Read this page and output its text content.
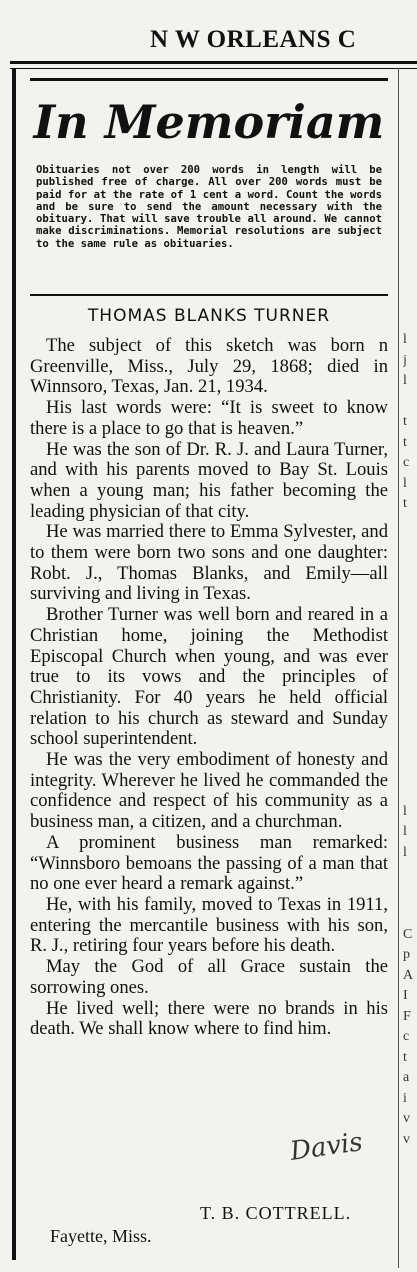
N W ORLEANS C
In Memoriam
Obituaries not over 200 words in length will be published free of charge. All over 200 words must be paid for at the rate of 1 cent a word. Count the words and be sure to send the amount necessary with the obituary. That will save trouble all around. We cannot make discriminations. Memorial resolutions are subject to the same rule as obituaries.
THOMAS BLANKS TURNER

The subject of this sketch was born n Greenville, Miss., July 29, 1868; died in Winnsoro, Texas, Jan. 21, 1934.

His last words were: “It is sweet to know there is a place to go that is heaven.”

He was the son of Dr. R. J. and Laura Turner, and with his parents moved to Bay St. Louis when a young man; his father becoming the leading physician of that city.

He was married there to Emma Sylvester, and to them were born two sons and one daughter: Robt. J., Thomas Blanks, and Emily—all surviving and living in Texas.

Brother Turner was well born and reared in a Christian home, joining the Methodist Episcopal Church when young, and was ever true to its vows and the principles of Christianity. For 40 years he held official relation to his church as steward and Sunday school superintendent.

He was the very embodiment of honesty and integrity. Wherever he lived he commanded the confidence and respect of his community as a business man, a citizen, and a churchman.

A prominent business man remarked: “Winnsboro bemoans the passing of a man that no one ever heard a remark against.”

He, with his family, moved to Texas in 1911, entering the mercantile business with his son, R. J., retiring four years before his death.

May the God of all Grace sustain the sorrowing ones.

He lived well; there were no brands in his death. We shall know where to find him.

Davis
T. B. COTTRELL.
Fayette, Miss.
l
j
l

t
t
c
l
t

l
l
l

C
p
A
I
F
c
t
a
i
v
v
